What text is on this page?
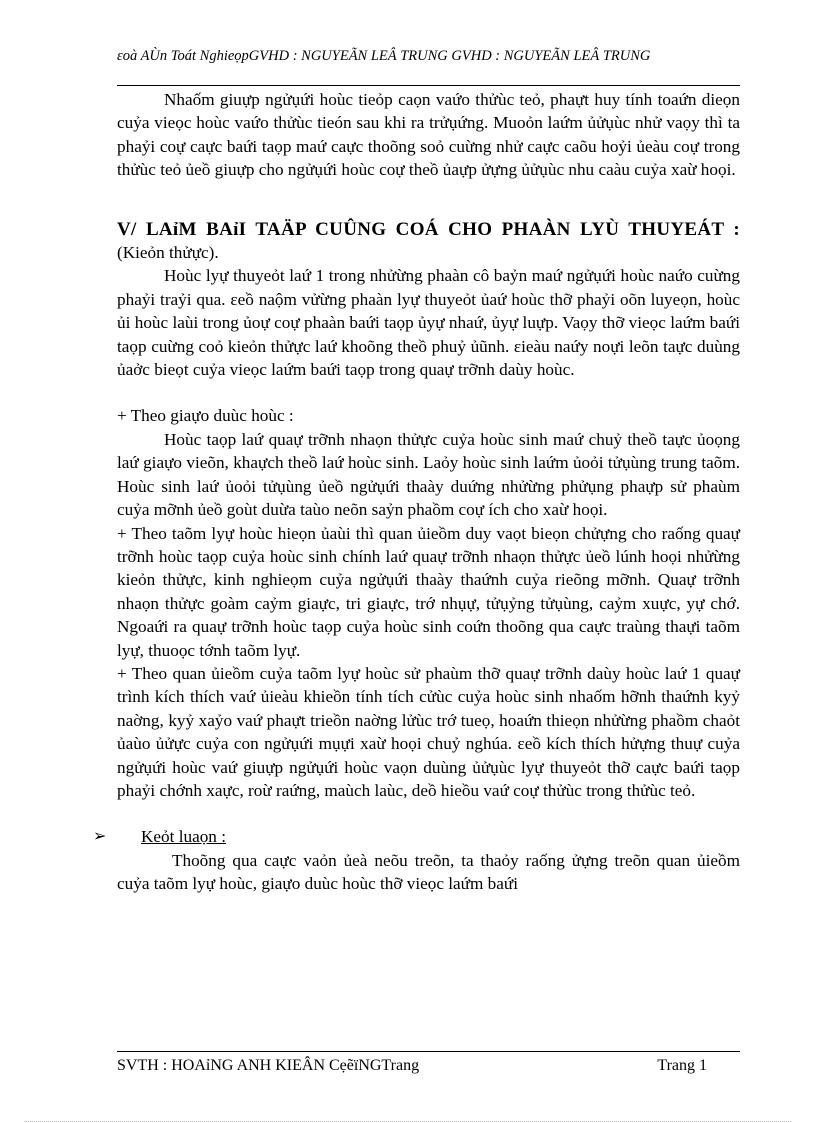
ɛoà AÙn Toát NghieọpGVHD : NGUYEÃN LEÂ TRUNG GVHD : NGUYEÃN LEÂ TRUNG

Nhaốm giuựp ngửụứi hoùc tieỏp caọn vaứo thửùc teỏ, phaựt huy tính toaứn dieọn cuỷa vieọc hoùc vaứo thửùc tieón sau khi ra trửụứng. Muoỏn laứm ủửụùc nhử vaọy thì ta phaỷi coự caực baứi taọp maứ caực thoõng soỏ cuừng nhử caực caõu hoỷi ủeàu coự trong thửùc teỏ ủeồ giuựp cho ngửụứi hoùc coự theồ ủaựp ửựng ủửụùc nhu caàu cuỷa xaừ hoọi.

V/ LAỉM BAỉI TAÄP CUÛNG COÁ CHO PHAÀN LYÙ THUYEÁT :(Kieỏn thửực).

Hoùc lyự thuyeỏt laứ 1 trong nhửừng phaàn cô baỷn maứ ngửụứi hoùc naứo cuừng phaỷi traỷi qua. ɛeồ naộm vửừng phaàn lyự thuyeỏt ủaứ hoùc thỡ phaỷi oõn luyeọn, hoùc ủi hoùc laùi trong ủoự coự phaàn baứi taọp ủyự nhaứ, ủyự luựp. Vaọy thỡ vieọc laứm baứi taọp cuừng coỏ kieỏn thửực laứ khoõng theồ phuỷ ủũnh. ɛieàu naứy noựi leõn taực duùng ủaởc bieọt cuỷa vieọc laứm baứi taọp trong quaự trỡnh daùy hoùc.

+ Theo giaựo duùc hoùc :

Hoùc taọp laứ quaự trỡnh nhaọn thửực cuỷa hoùc sinh maứ chuỷ theồ taực ủoọng laứ giaựo vieõn, khaựch theồ laứ hoùc sinh. Laỏy hoùc sinh laứm ủoỏi tửụùng trung taõm. Hoùc sinh laứ ủoỏi tửụùng ủeồ ngửụứi thaày duứng nhửừng phửụng phaựp sử phaùm cuỷa mỡnh ủeồ goùt duừa taùo neõn saỷn phaồm coự ích cho xaừ hoọi.

+ Theo taõm lyự hoùc hieọn ủaùi thì quan ủieồm duy vaọt bieọn chửựng cho raống quaự trỡnh hoùc taọp cuỷa hoùc sinh chính laứ quaự trỡnh nhaọn thửực ủeồ lúnh hoọi nhửừng kieỏn thửực, kinh nghieọm cuỷa ngửụứi thaày thaứnh cuỷa rieõng mỡnh. Quaự trỡnh nhaọn thửực goàm caỷm giaực, tri giaực, trớ nhụự, tửụỷng tửụùng, caỷm xuực, yự chớ. Ngoaứi ra quaự trỡnh hoùc taọp cuỷa hoùc sinh coứn thoõng qua caực traùng thaựi taõm lyự, thuoọc tớnh taõm lyự.

+ Theo quan ủieồm cuỷa taõm lyự hoùc sử phaùm thỡ quaự trỡnh daùy hoùc laứ 1 quaự trình kích thích vaứ ủieàu khieồn tính tích cửùc cuỷa hoùc sinh nhaốm hỡnh thaứnh kyỷ naờng, kyỷ xaỷo vaứ phaựt trieồn naờng lửùc trớ tueọ, hoaứn thieọn nhửừng phaồm chaỏt ủaùo ủửực cuỷa con ngửụứi mụựi xaừ hoọi chuỷ nghúa. ɛeồ kích thích hửựng thuự cuỷa ngửụứi hoùc vaứ giuựp ngửụứi hoùc vaọn duùng ủửụùc lyự thuyeỏt thỡ caực baứi taọp phaỷi chớnh xaực, roừ raứng, maùch laùc, deồ hieồu vaứ coự thửùc trong thửùc teỏ.

➢ Keỏt luaọn :

Thoõng qua caực vaỏn ủeà neõu treõn, ta thaỏy raống ửựng treõn quan ủieồm cuỷa taõm lyự hoùc, giaựo duùc hoùc thỡ vieọc laứm baứi

SVTH : HOAỉNG ANH KIEÂN CẹẽïNGTrang	Trang 1
